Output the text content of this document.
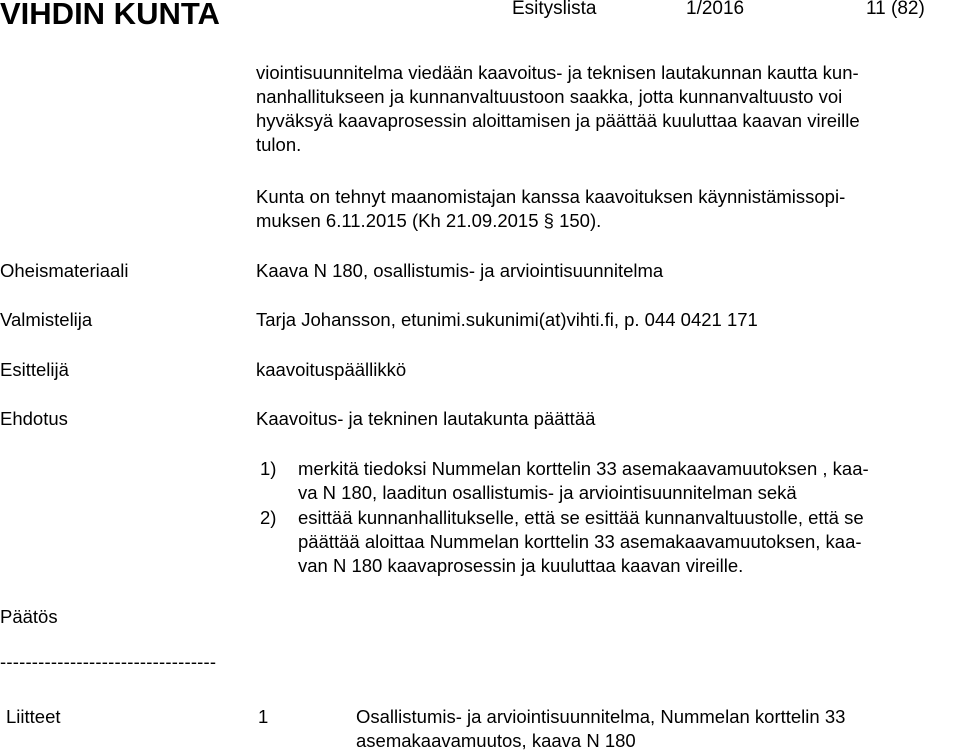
VIHDIN KUNTA	Esityslista	1/2016	11 (82)
viointisuunnitelma viedään kaavoitus- ja teknisen lautakunnan kautta kun-
nanhallitukseen ja kunnanvaltuustoon saakka, jotta kunnanvaltuusto voi
hyväksyä kaavaprosessin aloittamisen ja päättää kuuluttaa kaavan vireille
tulon.
Kunta on tehnyt maanomistajan kanssa kaavoituksen käynnistämissopi-
muksen 6.11.2015 (Kh 21.09.2015 § 150).
Oheismateriaali	Kaava N 180, osallistumis- ja arviointisuunnitelma
Valmistelija	Tarja Johansson, etunimi.sukunimi(at)vihti.fi, p. 044 0421 171
Esittelijä	kaavoituspäällikkö
Ehdotus	Kaavoitus- ja tekninen lautakunta päättää
1) merkitä tiedoksi Nummelan korttelin 33 asemakaavamuutoksen , kaa-
va N 180, laaditun osallistumis- ja arviointisuunnitelman sekä
2) esittää kunnanhallitukselle, että se esittää kunnanvaltuustolle, että se
päättää aloittaa Nummelan korttelin 33 asemakaavamuutoksen, kaa-
van N 180 kaavaprosessin ja kuuluttaa kaavan vireille.
Päätös
----------------------------------
Liitteet	1	Osallistumis- ja arviointisuunnitelma, Nummelan korttelin 33
asemakaavamuutos, kaava N 180
